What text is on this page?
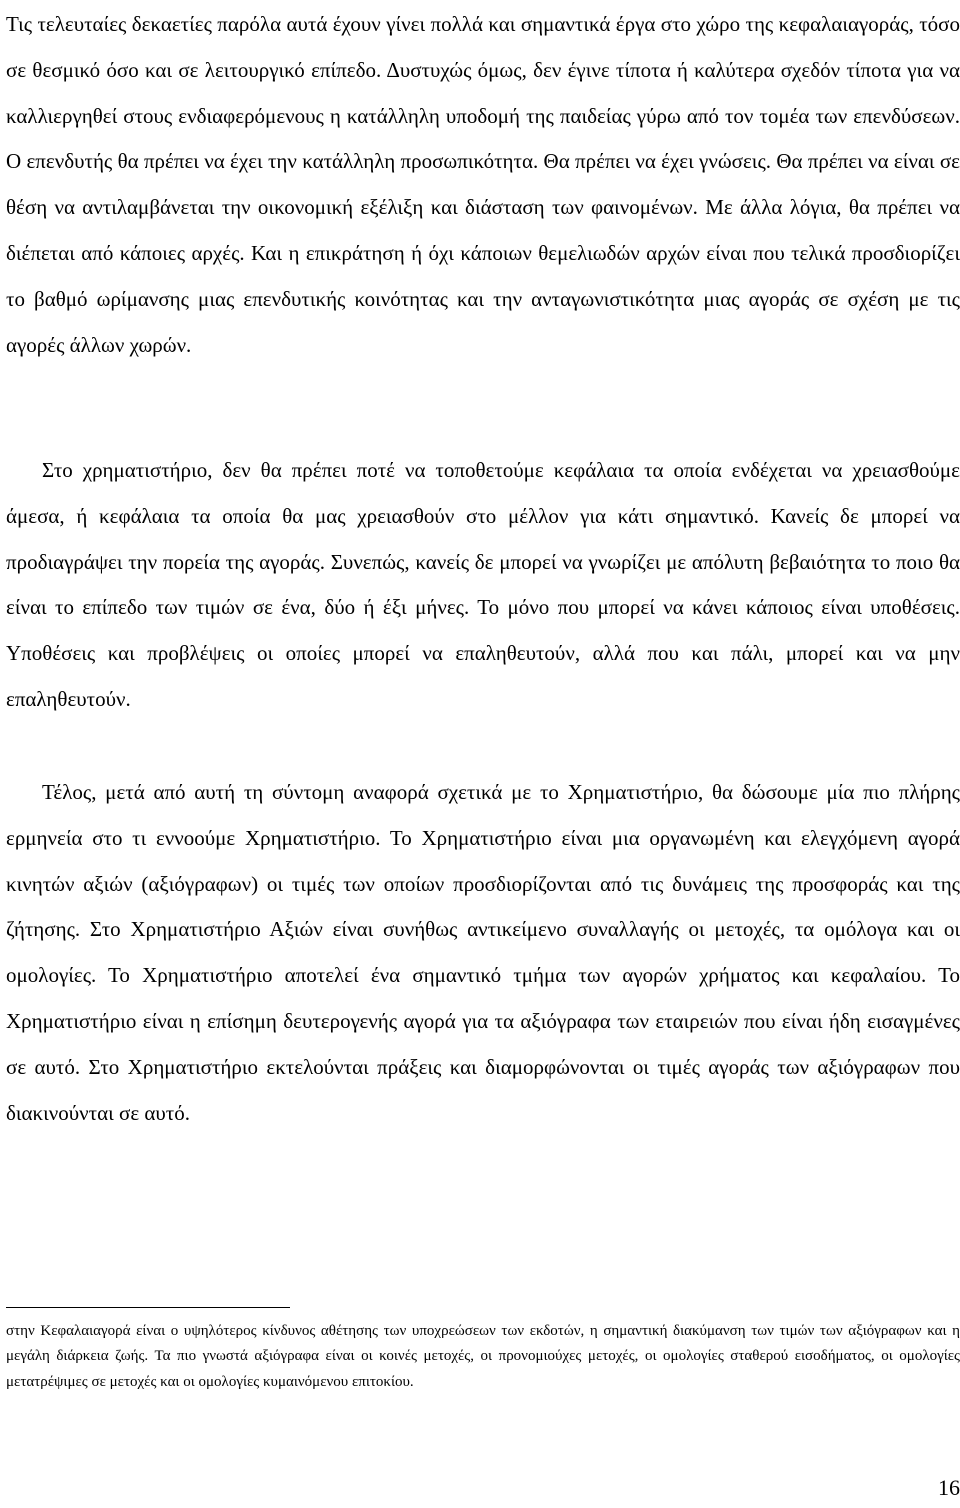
Τις τελευταίες δεκαετίες παρόλα αυτά έχουν γίνει πολλά και σημαντικά έργα στο χώρο της κεφαλαιαγοράς, τόσο σε θεσμικό όσο και σε λειτουργικό επίπεδο. Δυστυχώς όμως, δεν έγινε τίποτα ή καλύτερα σχεδόν τίποτα για να καλλιεργηθεί στους ενδιαφερόμενους η κατάλληλη υποδομή της παιδείας γύρω από τον τομέα των επενδύσεων. Ο επενδυτής θα πρέπει να έχει την κατάλληλη προσωπικότητα. Θα πρέπει να έχει γνώσεις. Θα πρέπει να είναι σε θέση να αντιλαμβάνεται την οικονομική εξέλιξη και διάσταση των φαινομένων. Με άλλα λόγια, θα πρέπει να διέπεται από κάποιες αρχές. Και η επικράτηση ή όχι κάποιων θεμελιωδών αρχών είναι που τελικά προσδιορίζει το βαθμό ωρίμανσης μιας επενδυτικής κοινότητας και την ανταγωνιστικότητα μιας αγοράς σε σχέση με τις αγορές άλλων χωρών.

Στο χρηματιστήριο, δεν θα πρέπει ποτέ να τοποθετούμε κεφάλαια τα οποία ενδέχεται να χρειασθούμε άμεσα, ή κεφάλαια τα οποία θα μας χρειασθούν στο μέλλον για κάτι σημαντικό. Κανείς δε μπορεί να προδιαγράψει την πορεία της αγοράς. Συνεπώς, κανείς δε μπορεί να γνωρίζει με απόλυτη βεβαιότητα το ποιο θα είναι το επίπεδο των τιμών σε ένα, δύο ή έξι μήνες. Το μόνο που μπορεί να κάνει κάποιος είναι υποθέσεις. Υποθέσεις και προβλέψεις οι οποίες μπορεί να επαληθευτούν, αλλά που και πάλι, μπορεί και να μην επαληθευτούν.

Τέλος, μετά από αυτή τη σύντομη αναφορά σχετικά με το Χρηματιστήριο, θα δώσουμε μία πιο πλήρης ερμηνεία στο τι εννοούμε Χρηματιστήριο. Το Χρηματιστήριο είναι μια οργανωμένη και ελεγχόμενη αγορά κινητών αξιών (αξιόγραφων) οι τιμές των οποίων προσδιορίζονται από τις δυνάμεις της προσφοράς και της ζήτησης. Στο Χρηματιστήριο Αξιών είναι συνήθως αντικείμενο συναλλαγής οι μετοχές, τα ομόλογα και οι ομολογίες. Το Χρηματιστήριο αποτελεί ένα σημαντικό τμήμα των αγορών χρήματος και κεφαλαίου. Το Χρηματιστήριο είναι η επίσημη δευτερογενής αγορά για τα αξιόγραφα των εταιρειών που είναι ήδη εισαγμένες σε αυτό. Στο Χρηματιστήριο εκτελούνται πράξεις και διαμορφώνονται οι τιμές αγοράς των αξιόγραφων που διακινούνται σε αυτό.

στην Κεφαλαιαγορά είναι ο υψηλότερος κίνδυνος αθέτησης των υποχρεώσεων των εκδοτών, η σημαντική διακύμανση των τιμών των αξιόγραφων και η μεγάλη διάρκεια ζωής. Τα πιο γνωστά αξιόγραφα είναι οι κοινές μετοχές, οι προνομιούχες μετοχές, οι ομολογίες σταθερού εισοδήματος, οι ομολογίες μετατρέψιμες σε μετοχές και οι ομολογίες κυμαινόμενου επιτοκίου.

16
